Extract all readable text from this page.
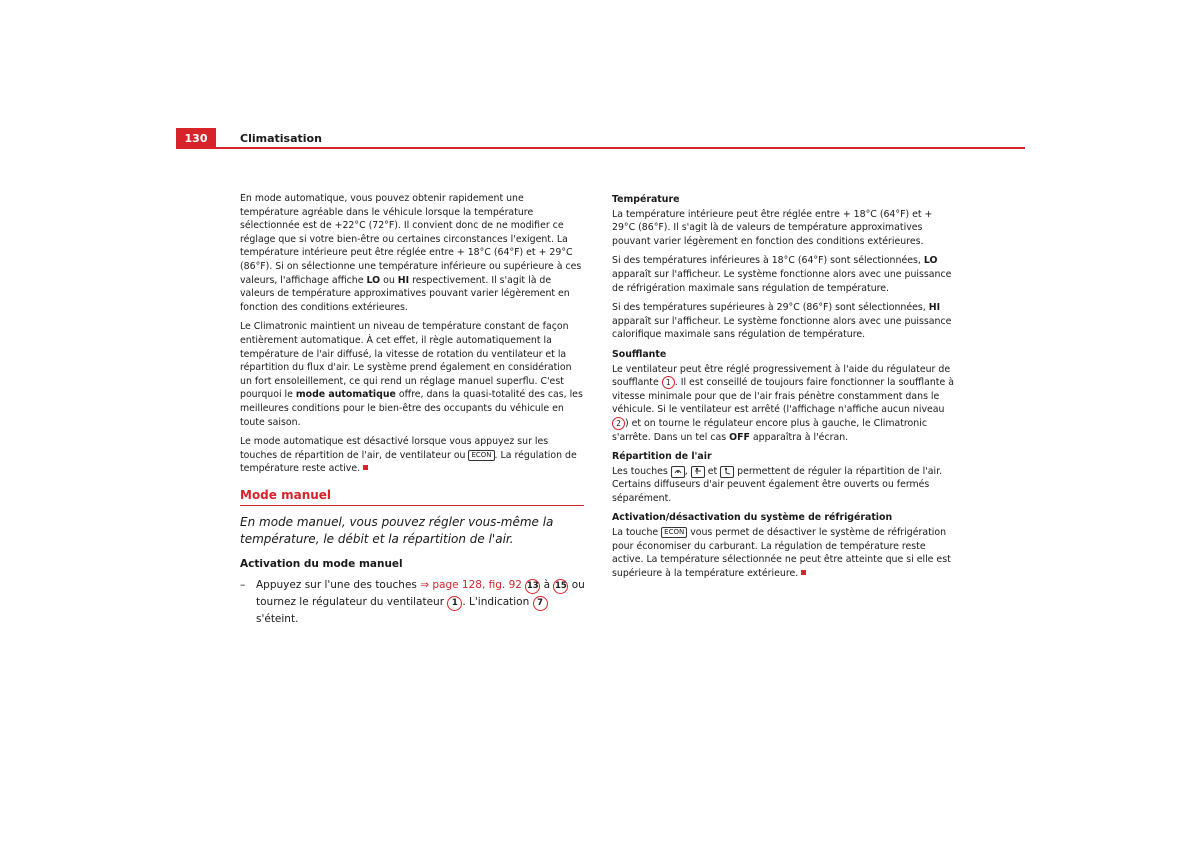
130	Climatisation

En mode automatique, vous pouvez obtenir rapidement une température agréable dans le véhicule lorsque la température sélectionnée est de +22°C (72°F). Il convient donc de ne modifier ce réglage que si votre bien-être ou certaines circonstances l'exigent. La température intérieure peut être réglée entre + 18°C (64°F) et + 29°C (86°F). Si on sélectionne une température inférieure ou supérieure à ces valeurs, l'affichage affiche LO ou HI respectivement. Il s'agit là de valeurs de température approximatives pouvant varier légèrement en fonction des conditions extérieures.

Le Climatronic maintient un niveau de température constant de façon entièrement automatique. À cet effet, il règle automatiquement la température de l'air diffusé, la vitesse de rotation du ventilateur et la répartition du flux d'air. Le système prend également en considération un fort ensoleillement, ce qui rend un réglage manuel superflu. C'est pourquoi le mode automatique offre, dans la quasi-totalité des cas, les meilleures conditions pour le bien-être des occupants du véhicule en toute saison.

Le mode automatique est désactivé lorsque vous appuyez sur les touches de répartition de l'air, de ventilateur ou ECON . La régulation de température reste active.

Mode manuel
En mode manuel, vous pouvez régler vous-même la température, le débit et la répartition de l'air.
Activation du mode manuel
–	Appuyez sur l'une des touches ⇒ page 128, fig. 92 13 à 15 ou tournez le régulateur du ventilateur 1 . L'indication 7 s'éteint.
Température

La température intérieure peut être réglée entre + 18°C (64°F) et + 29°C (86°F). Il s'agit là de valeurs de température approximatives pouvant varier légèrement en fonction des conditions extérieures.

Si des températures inférieures à 18°C (64°F) sont sélectionnées, LO apparaît sur l'afficheur. Le système fonctionne alors avec une puissance de réfrigération maximale sans régulation de température.

Si des températures supérieures à 29°C (86°F) sont sélectionnées, HI apparaît sur l'afficheur. Le système fonctionne alors avec une puissance calorifique maximale sans régulation de température.

Soufflante

Le ventilateur peut être réglé progressivement à l'aide du régulateur de soufflante 1 . Il est conseillé de toujours faire fonctionner la soufflante à vitesse minimale pour que de l'air frais pénètre constamment dans le véhicule. Si le ventilateur est arrêté (l'affichage n'affiche aucun niveau 2 ) et on tourne le régulateur encore plus à gauche, le Climatronic s'arrête. Dans un tel cas OFF apparaîtra à l'écran.

Répartition de l'air

Les touches ,  et  permettent de réguler la répartition de l'air. Certains diffuseurs d'air peuvent également être ouverts ou fermés séparément.

Activation/désactivation du système de réfrigération

La touche ECON vous permet de désactiver le système de réfrigération pour économiser du carburant. La régulation de température reste active. La température sélectionnée ne peut être atteinte que si elle est supérieure à la température extérieure.
